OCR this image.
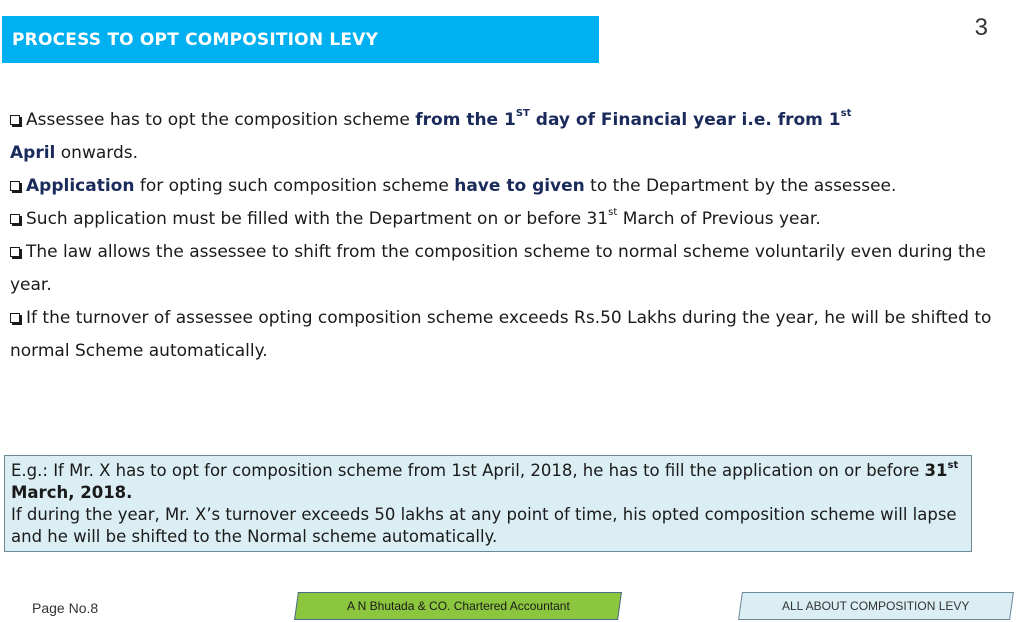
PROCESS TO OPT COMPOSITION LEVY	3

Assessee has to opt the composition scheme from the 1ST day of Financial year i.e. from 1st
April onwards.

Application for opting such composition scheme have to given to the Department by the assessee.

Such application must be filled with the Department on or before 31st March of Previous year.

The law allows the assessee to shift from the composition scheme to normal scheme voluntarily even during the year.

If the turnover of assessee opting composition scheme exceeds Rs.50 Lakhs during the year, he will be shifted to normal Scheme automatically.

E.g.: If Mr. X has to opt for composition scheme from 1st April, 2018, he has to fill the application on or before 31st March, 2018.
If during the year, Mr. X’s turnover exceeds 50 lakhs at any point of time, his opted composition scheme will lapse and he will be shifted to the Normal scheme automatically.
Page No.8	A N Bhutada & CO. Chartered Accountant	ALL ABOUT COMPOSITION LEVY
